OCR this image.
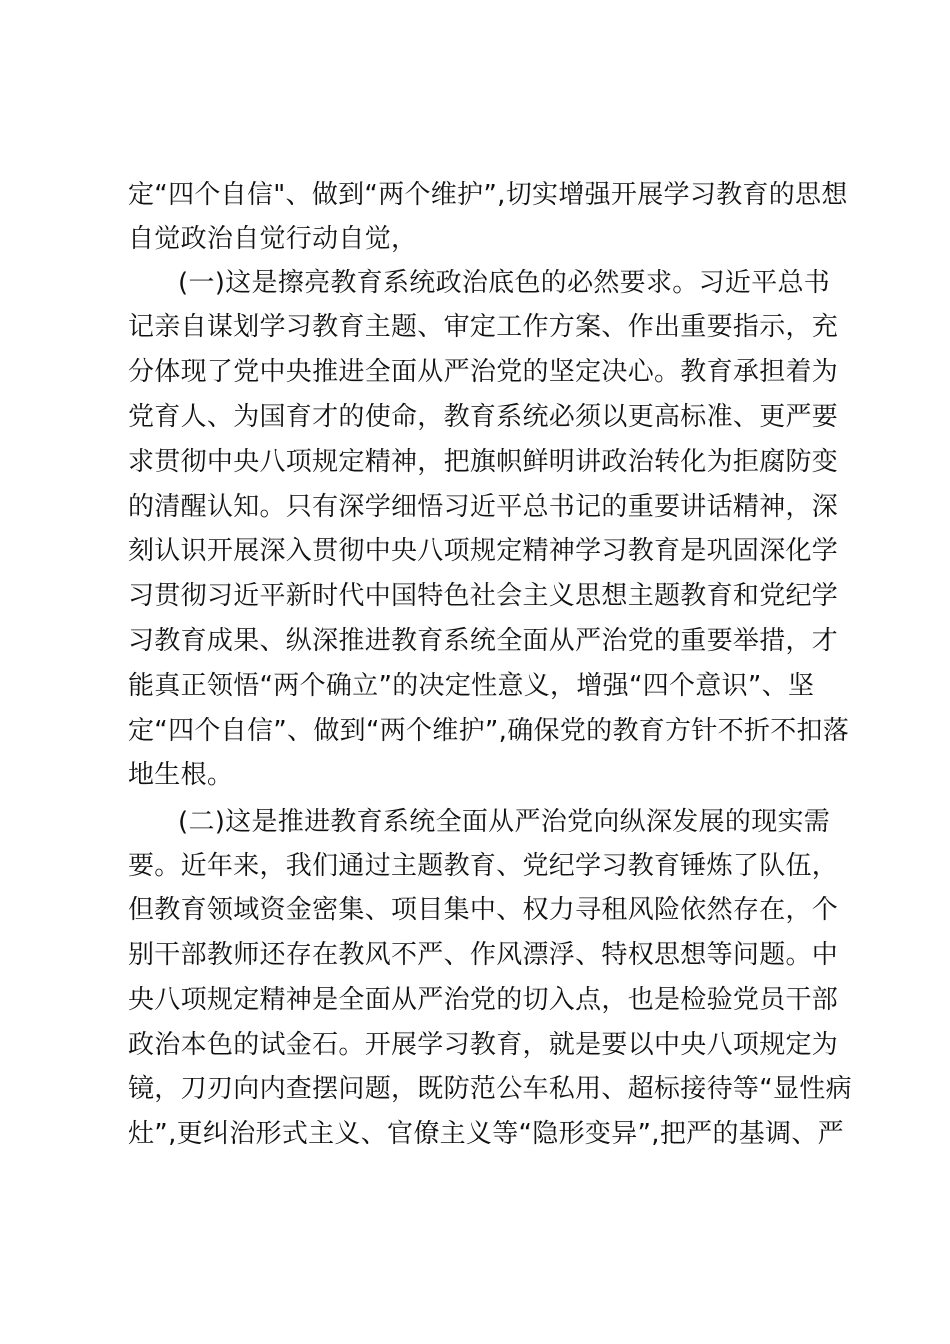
定“四个自信"、做到“两个维护”,切实增强开展学习教育的思想
自觉政治自觉行动自觉，
(一)这是擦亮教育系统政治底色的必然要求。习近平总书
记亲自谋划学习教育主题、审定工作方案、作出重要指示，充
分体现了党中央推进全面从严治党的坚定决心。教育承担着为
党育人、为国育才的使命，教育系统必须以更高标准、更严要
求贯彻中央八项规定精神，把旗帜鲜明讲政治转化为拒腐防变
的清醒认知。只有深学细悟习近平总书记的重要讲话精神，深
刻认识开展深入贯彻中央八项规定精神学习教育是巩固深化学
习贯彻习近平新时代中国特色社会主义思想主题教育和党纪学
习教育成果、纵深推进教育系统全面从严治党的重要举措，才
能真正领悟“两个确立”的决定性意义，增强“四个意识”、坚
定“四个自信”、做到“两个维护”,确保党的教育方针不折不扣落
地生根。
(二)这是推进教育系统全面从严治党向纵深发展的现实需
要。近年来，我们通过主题教育、党纪学习教育锤炼了队伍，
但教育领域资金密集、项目集中、权力寻租风险依然存在，个
别干部教师还存在教风不严、作风漂浮、特权思想等问题。中
央八项规定精神是全面从严治党的切入点，也是检验党员干部
政治本色的试金石。开展学习教育，就是要以中央八项规定为
镜，刀刃向内查摆问题，既防范公车私用、超标接待等“显性病
灶”,更纠治形式主义、官僚主义等“隐形变异”,把严的基调、严
